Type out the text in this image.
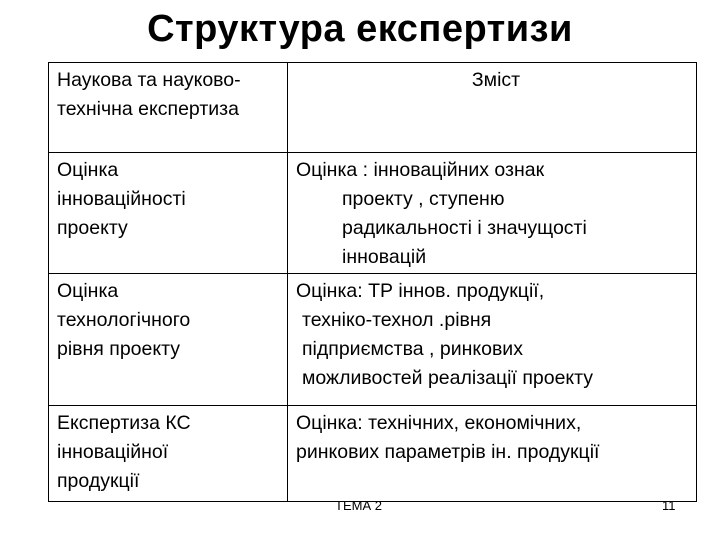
Структура експертизи
Наукова та науково-
технічна експертиза	Зміст

Оцінка
інноваційності
проекту	Оцінка : інноваційних ознак
проекту , ступеню
радикальності і значущості
інновацій

Оцінка
технологічного
рівня проекту	Оцінка: ТР іннов. продукції,
техніко-технол .рівня
підприємства , ринкових
можливостей реалізації проекту

Експертиза КС
інноваційної
продукції	Оцінка: технічних, економічних,
ринкових параметрів ін. продукції
ТЕМА 2	11
